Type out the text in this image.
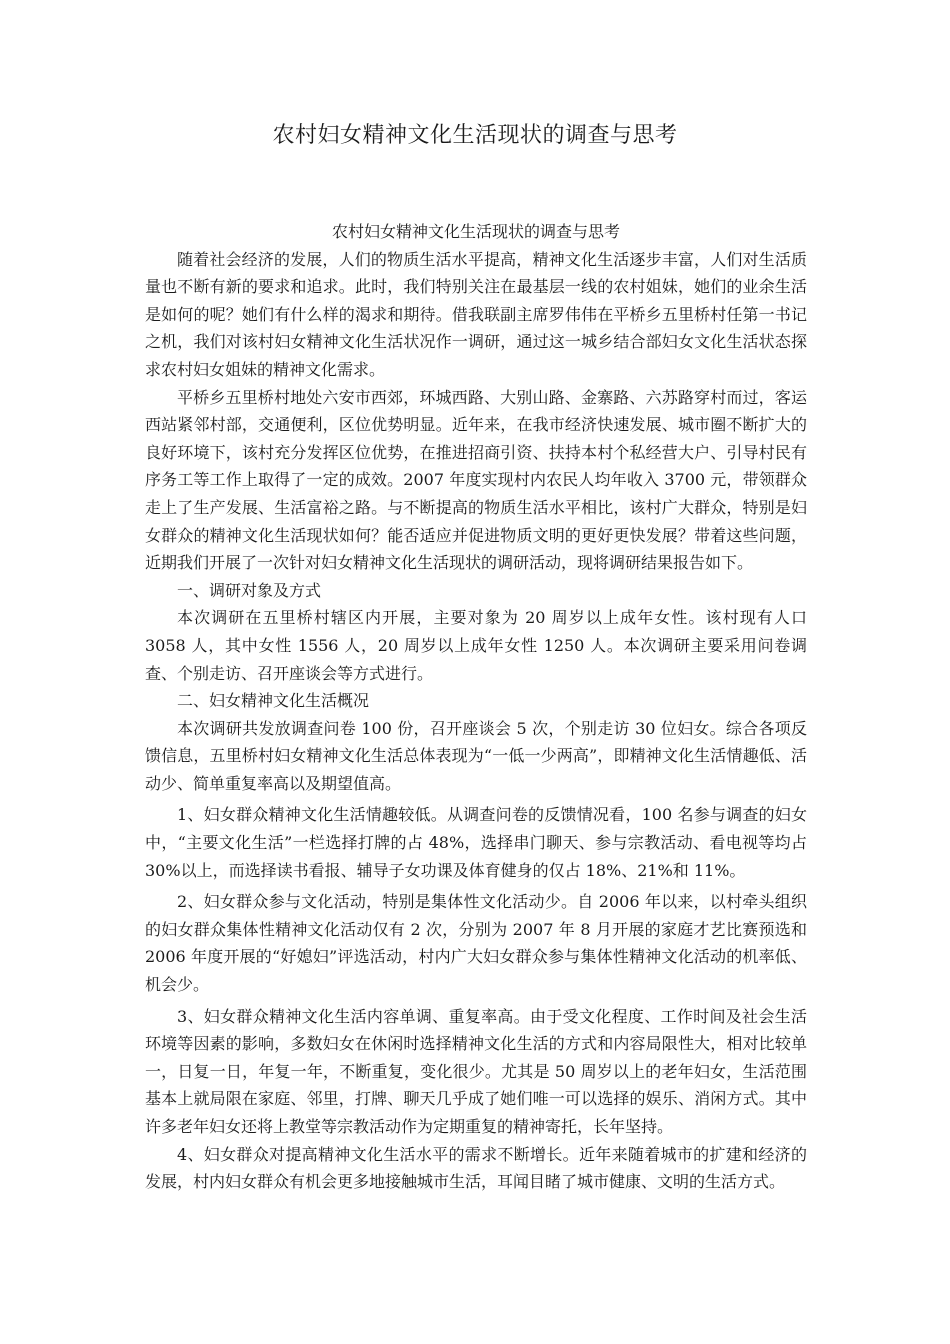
农村妇女精神文化生活现状的调查与思考

农村妇女精神文化生活现状的调查与思考

随着社会经济的发展，人们的物质生活水平提高，精神文化生活逐步丰富，人们对生活质量也不断有新的要求和追求。此时，我们特别关注在最基层一线的农村姐妹，她们的业余生活是如何的呢？她们有什么样的渴求和期待。借我联副主席罗伟伟在平桥乡五里桥村任第一书记之机，我们对该村妇女精神文化生活状况作一调研，通过这一城乡结合部妇女文化生活状态探求农村妇女姐妹的精神文化需求。

平桥乡五里桥村地处六安市西郊，环城西路、大别山路、金寨路、六苏路穿村而过，客运西站紧邻村部，交通便利，区位优势明显。近年来，在我市经济快速发展、城市圈不断扩大的良好环境下，该村充分发挥区位优势，在推进招商引资、扶持本村个私经营大户、引导村民有序务工等工作上取得了一定的成效。2007 年度实现村内农民人均年收入 3700 元，带领群众走上了生产发展、生活富裕之路。与不断提高的物质生活水平相比，该村广大群众，特别是妇女群众的精神文化生活现状如何？能否适应并促进物质文明的更好更快发展？带着这些问题，近期我们开展了一次针对妇女精神文化生活现状的调研活动，现将调研结果报告如下。

一、调研对象及方式

本次调研在五里桥村辖区内开展，主要对象为 20 周岁以上成年女性。该村现有人口 3058 人，其中女性 1556 人，20 周岁以上成年女性 1250 人。本次调研主要采用问卷调查、个别走访、召开座谈会等方式进行。

二、妇女精神文化生活概况

本次调研共发放调查问卷 100 份，召开座谈会 5 次，个别走访 30 位妇女。综合各项反馈信息，五里桥村妇女精神文化生活总体表现为“一低一少两高”，即精神文化生活情趣低、活动少、简单重复率高以及期望值高。

1、妇女群众精神文化生活情趣较低。从调查问卷的反馈情况看，100 名参与调查的妇女中，“主要文化生活”一栏选择打牌的占 48%，选择串门聊天、参与宗教活动、看电视等均占 30%以上，而选择读书看报、辅导子女功课及体育健身的仅占 18%、21%和 11%。

2、妇女群众参与文化活动，特别是集体性文化活动少。自 2006 年以来，以村牵头组织的妇女群众集体性精神文化活动仅有 2 次，分别为 2007 年 8 月开展的家庭才艺比赛预选和 2006 年度开展的“好媳妇”评选活动，村内广大妇女群众参与集体性精神文化活动的机率低、机会少。

3、妇女群众精神文化生活内容单调、重复率高。由于受文化程度、工作时间及社会生活环境等因素的影响，多数妇女在休闲时选择精神文化生活的方式和内容局限性大，相对比较单一，日复一日，年复一年，不断重复，变化很少。尤其是 50 周岁以上的老年妇女，生活范围基本上就局限在家庭、邻里，打牌、聊天几乎成了她们唯一可以选择的娱乐、消闲方式。其中许多老年妇女还将上教堂等宗教活动作为定期重复的精神寄托，长年坚持。

4、妇女群众对提高精神文化生活水平的需求不断增长。近年来随着城市的扩建和经济的发展，村内妇女群众有机会更多地接触城市生活，耳闻目睹了城市健康、文明的生活方式。
